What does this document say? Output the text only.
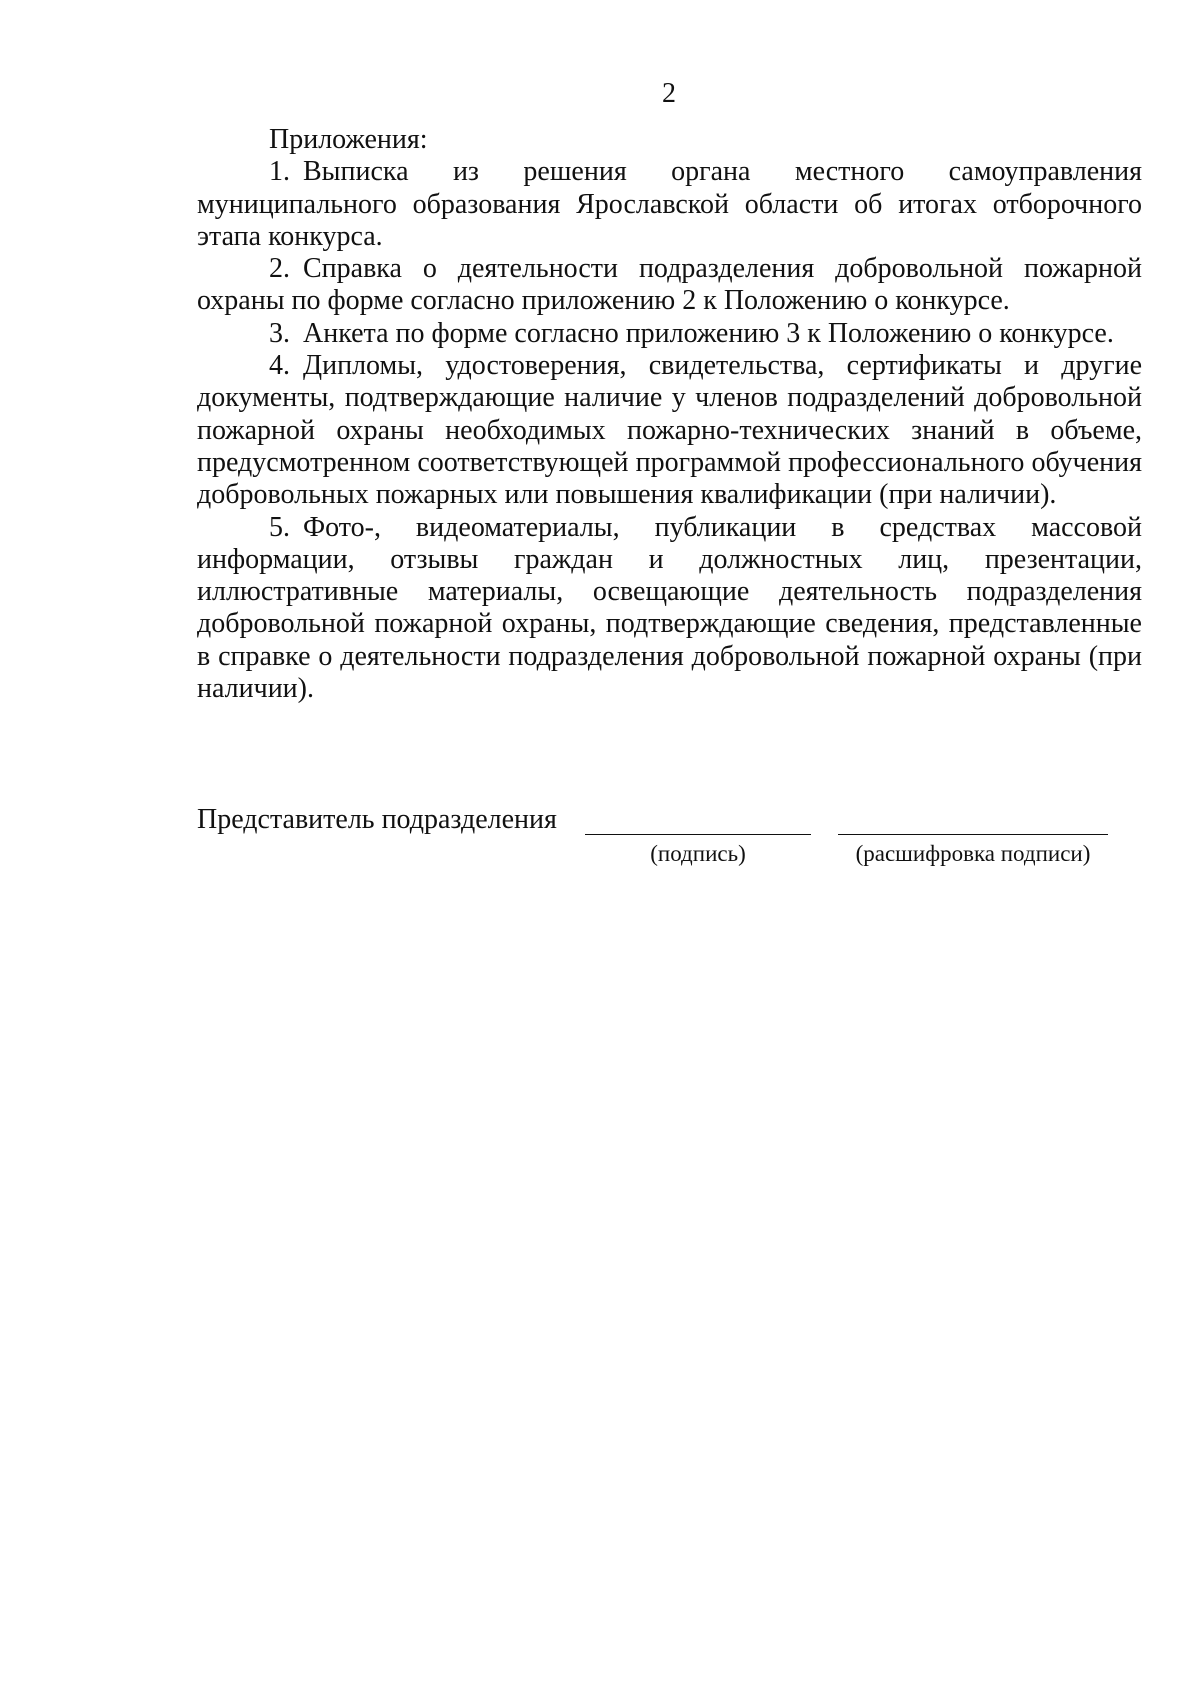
2

Приложения:

1. Выписка из решения органа местного самоуправления муниципального образования Ярославской области об итогах отборочного этапа конкурса.

2. Справка о деятельности подразделения добровольной пожарной охраны по форме согласно приложению 2 к Положению о конкурсе.

3. Анкета по форме согласно приложению 3 к Положению о конкурсе.

4. Дипломы, удостоверения, свидетельства, сертификаты и другие документы, подтверждающие наличие у членов подразделений добровольной пожарной охраны необходимых пожарно-технических знаний в объеме, предусмотренном соответствующей программой профессионального обучения добровольных пожарных или повышения квалификации (при наличии).

5. Фото-, видеоматериалы, публикации в средствах массовой информации, отзывы граждан и должностных лиц, презентации, иллюстративные материалы, освещающие деятельность подразделения добровольной пожарной охраны, подтверждающие сведения, представленные в справке о деятельности подразделения добровольной пожарной охраны (при наличии).

Представитель подразделения
(подпись)	(расшифровка подписи)
